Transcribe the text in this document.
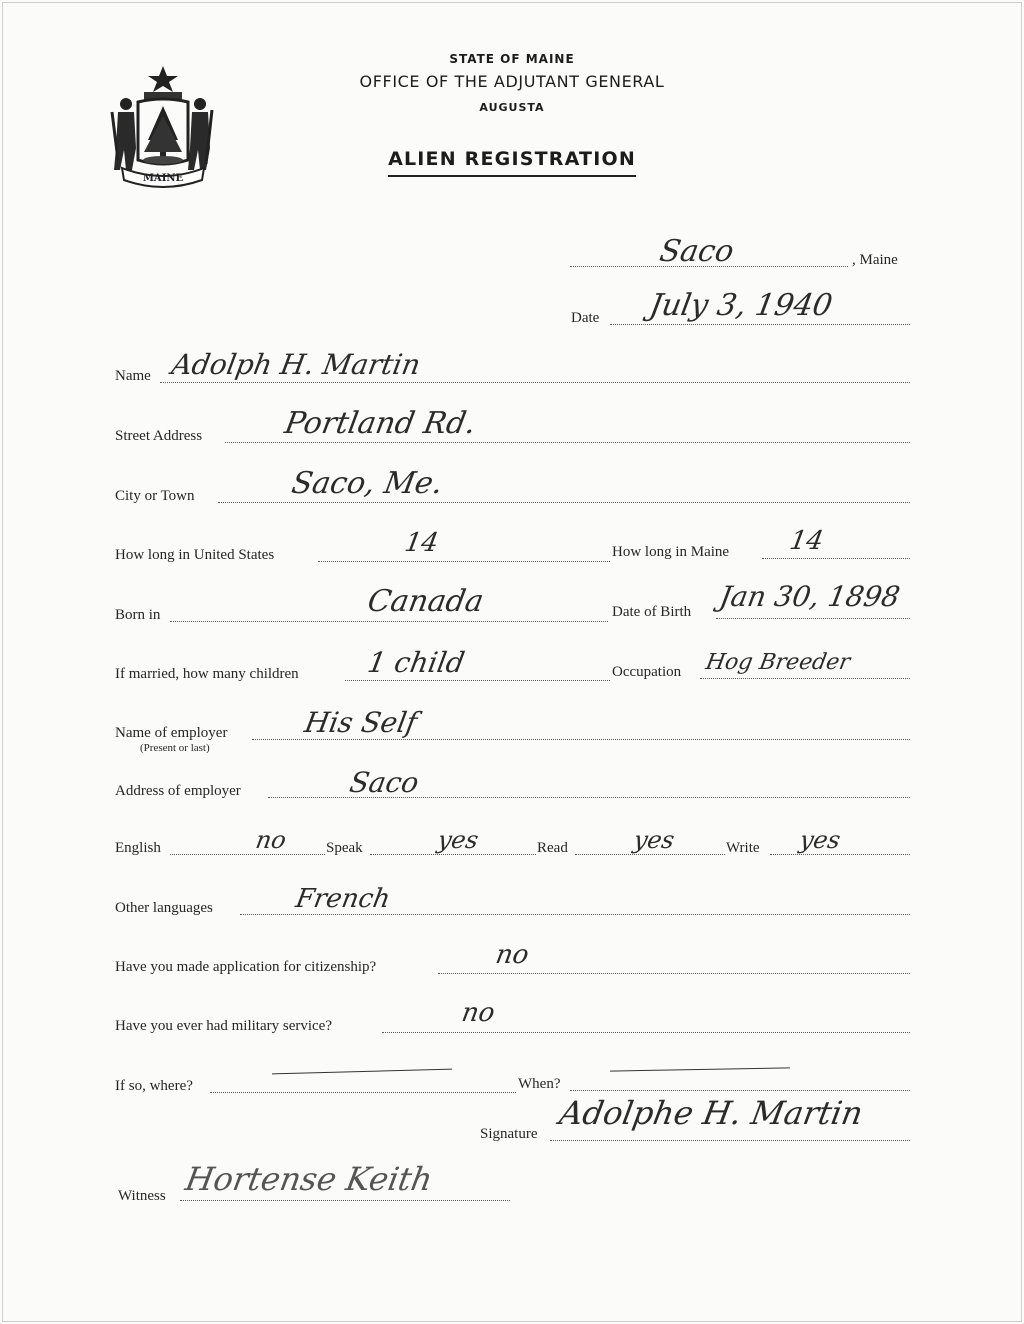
MAINE
STATE OF MAINE
OFFICE OF THE ADJUTANT GENERAL
AUGUSTA
ALIEN REGISTRATION
Saco	, Maine
Date July 3, 1940
Name Adolph H. Martin
Street Address	Portland Rd.
City or Town	Saco, Me.
How long in United States	14	How long in Maine 14
Born in	Canada	Date of Birth Jan 30, 1898
If married, how many children 1 child	Occupation Hog Breeder
Name of employer
(Present or last)
His Self
Address of employer	Saco
English	no	Speak	yes	Read	yes	Write yes
Other languages	French
Have you made application for citizenship?	no
Have you ever had military service?	no
If so, where?	When?
Signature
Adolphe H. Martin
Witness Hortense Keith
